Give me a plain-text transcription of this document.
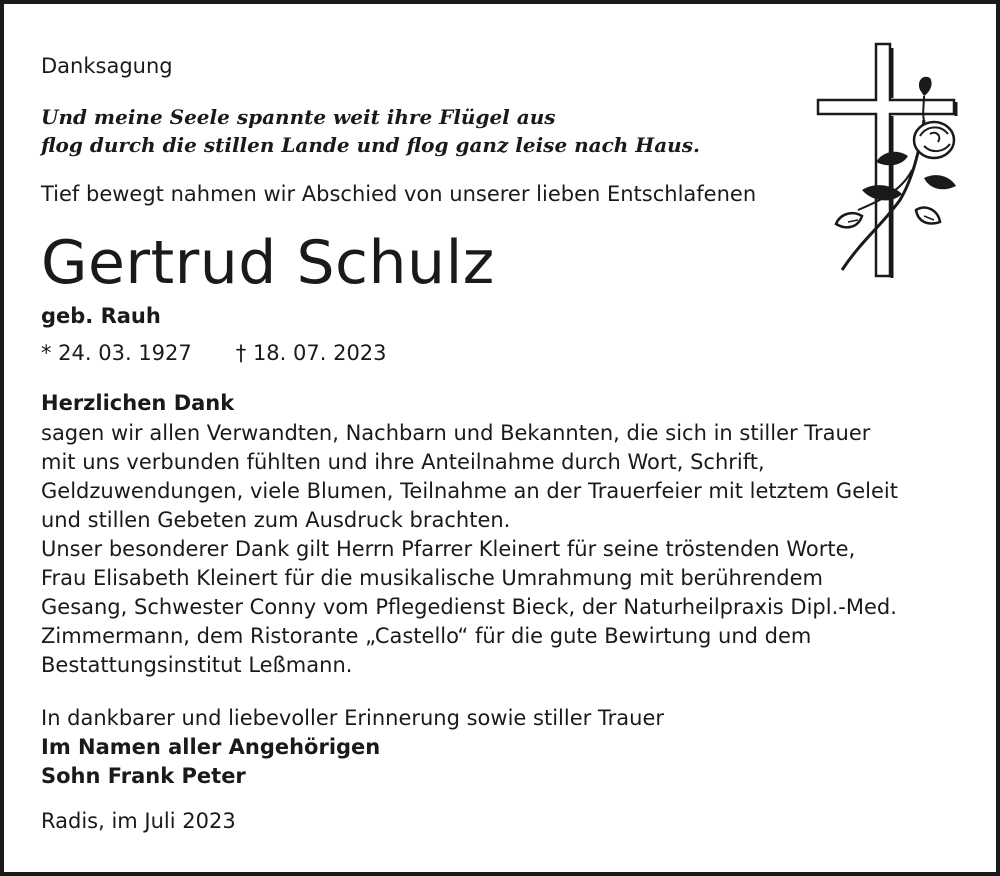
Danksagung

Und meine Seele spannte weit ihre Flügel aus
flog durch die stillen Lande und flog ganz leise nach Haus.

Tief bewegt nahmen wir Abschied von unserer lieben Entschlafenen

Gertrud Schulz

geb. Rauh

* 24. 03. 1927 † 18. 07. 2023

Herzlichen Dank

sagen wir allen Verwandten, Nachbarn und Bekannten, die sich in stiller Trauer

mit uns verbunden fühlten und ihre Anteilnahme durch Wort, Schrift,

Geldzuwendungen, viele Blumen, Teilnahme an der Trauerfeier mit letztem Geleit

und stillen Gebeten zum Ausdruck brachten.

Unser besonderer Dank gilt Herrn Pfarrer Kleinert für seine tröstenden Worte,

Frau Elisabeth Kleinert für die musikalische Umrahmung mit berührendem

Gesang, Schwester Conny vom Pflegedienst Bieck, der Naturheilpraxis Dipl.-Med.

Zimmermann, dem Ristorante „Castello“ für die gute Bewirtung und dem

Bestattungsinstitut Leßmann.

In dankbarer und liebevoller Erinnerung sowie stiller Trauer
Im Namen aller Angehörigen
Sohn Frank Peter

Radis, im Juli 2023
